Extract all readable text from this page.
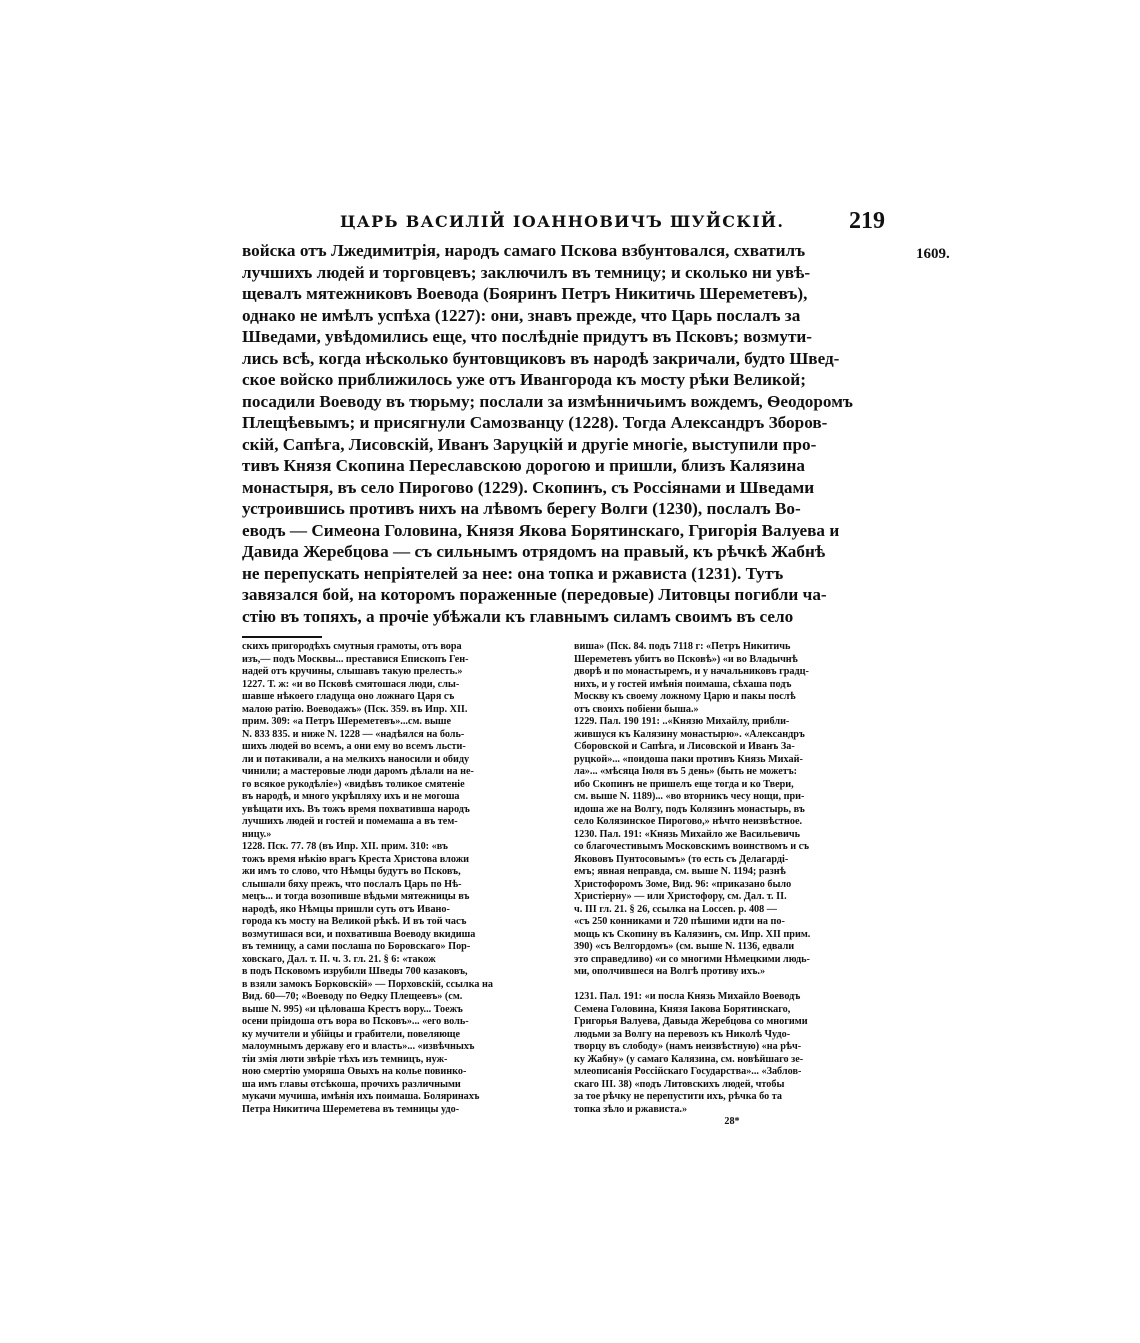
ЦАРЬ ВАСИЛІЙ ІОАННОВИЧЪ ШУЙСКІЙ.	219
1609.
войска отъ Лжедимитрія, народъ самаго Пскова взбунтовался, схватилъ
лучшихъ людей и торговцевъ; заключилъ въ темницу; и сколько ни увѣ-
щевалъ мятежниковъ Воевода (Бояринъ Петръ Никитичь Шереметевъ),
однако не имѣлъ успѣха (1227): они, знавъ прежде, что Царь послалъ за
Шведами, увѣдомились еще, что послѣдніе придутъ въ Псковъ; возмути-
лись всѣ, когда нѣсколько бунтовщиковъ въ народѣ закричали, будто Швед-
ское войско приближилось уже отъ Ивангорода къ мосту рѣки Великой;
посадили Воеводу въ тюрьму; послали за измѣнничьимъ вождемъ, Ѳеодоромъ
Плещѣевымъ; и присягнули Самозванцу (1228). Тогда Александръ Зборов-
скій, Сапѣга, Лисовскій, Иванъ Заруцкій и другіе многіе, выступили про-
тивъ Князя Скопина Переславскою дорогою и пришли, близъ Калязина
монастыря, въ село Пирогово (1229). Скопинъ, съ Россіянами и Шведами
устроившись противъ нихъ на лѣвомъ берегу Волги (1230), послалъ Во-
еводъ — Симеона Головина, Князя Якова Борятинскаго, Григорія Валуева и
Давида Жеребцова — съ сильнымъ отрядомъ на правый, къ рѣчкѣ Жабнѣ
не перепускать непріятелей за нее: она топка и ржависта (1231). Тутъ
завязался бой, на которомъ пораженные (передовые) Литовцы погибли ча-
стію въ топяхъ, а прочіе убѣжали къ главнымъ силамъ своимъ въ село
скихъ пригородѣхъ смутныя грамоты, отъ вора
изъ,— подъ Москвы... преставися Епископъ Ген-
надей отъ кручины, слышавъ такую прелесть.»
1227. Т. ж: «и во Псковѣ смятошася люди, слы-
шавше нѣкоего гладуща оно ложнаго Царя съ
малою ратію. Воеводажъ» (Пск. 359. въ Ипр. XII.
прим. 309: «а Петръ Шереметевъ»...см. выше
N. 833 835. и ниже N. 1228 — «надѣялся на боль-
шихъ людей во всемъ, а они ему во всемъ льсти-
ли и потакивали, а на мелкихъ наносили и обиду
чинили; а мастеровые люди даромъ дѣлали на не-
го всякое рукодѣліе») «видѣвъ толикое смятеніе
въ народѣ, и много укрѣпляху ихъ и не могоша
увѣщати ихъ. Въ тожъ время похвативша народъ
лучшихъ людей и гостей и помемаша а въ тем-
ницу.»
1228. Пск. 77. 78 (въ Ипр. XII. прим. 310: «въ
тожъ время нѣкію врагъ Креста Христова вложи
жи имъ то слово, что Нѣмцы будутъ во Псковъ,
слышали бяху прежъ, что послалъ Царь по Нѣ-
мецъ... и тогда возопивше вѣдьми мятежницы въ
народѣ, яко Нѣмцы пришли суть отъ Ивано-
города къ мосту на Великой рѣкѣ. И въ той часъ
возмутишася вси, и похвативша Воеводу вкидиша
въ темницу, а сами послаша по Боровскаго» Пор-
ховскаго, Дал. т. II. ч. 3. гл. 21. § 6: «також
в подъ Псковомъ изрубили Шведы 700 казаковъ,
в взяли замокъ Борковскій» — Порховскій, ссылка на
Вид. 60—70; «Воеводу по Ѳедку Плещеевъ» (см.
выше N. 995) «и цѣловаша Крестъ вору... Тоежъ
осени пріидоша отъ вора во Псковъ»... «его воль-
ку мучители и убійцы и грабители, повеляюще
малоумнымъ державу его и власть»... «извѣчныхъ
тіи змія люти звѣріе тѣхъ изъ темницъ, нуж-
ною смертію уморяша Овыхъ на колье повинко-
ша имъ главы отсѣкоша, прочихъ различными
мукачи мучиша, имѣнія ихъ поимаша. Боляринахъ
Петра Никитича Шереметева въ темницы удо-
виша» (Пск. 84. подъ 7118 г: «Петръ Никитичь
Шереметевъ убитъ во Псковѣ») «и во Владычнѣ
дворѣ и по монастыремъ, и у начальниковъ градц-
нихъ, и у гостей имѣнія поимаша, сѣхаша подъ
Москву къ своему ложному Царю и пакы послѣ
отъ своихъ побіени быша.»
1229. Пал. 190 191: ..«Князю Михайлу, прибли-
жившуся къ Калязину монастырю». «Александръ
Сборовской и Сапѣга, и Лисовской и Иванъ За-
руцкой»... «поидоша паки противъ Князь Михай-
ла»... «мѣсяца Іюля въ 5 день» (быть не можетъ:
ибо Скопинъ не пришелъ еще тогда и ко Твери,
см. выше N. 1189)... «во вторникъ чесу нощи, при-
идоша же на Волгу, подъ Колязинъ монастырь, въ
село Колязинское Пирогово,» нѣчто неизвѣстное.
1230. Пал. 191: «Князь Михайло же Васильевичь
со благочестивымъ Московскимъ воинствомъ и съ
Якововъ Пунтосовымъ» (то есть съ Делагарді-
емъ; явная неправда, см. выше N. 1194; разнѣ
Христофоромъ Зоме, Вид. 96: «приказано было
Христіерну» — или Христофору, см. Дал. т. II.
ч. III гл. 21. § 26, ссылка на Loccen. p. 408 —
«съ 250 конниками и 720 пѣшими идти на по-
мощь къ Скопину въ Калязинъ, см. Ипр. XII прим.
390) «съ Велгордомъ» (см. выше N. 1136, едвали
это справедливо) «и со многими Нѣмецкими людь-
ми, ополчившеся на Волгѣ противу ихъ.»

1231. Пал. 191: «и посла Князь Михайло Воеводъ
Семена Головина, Князя Іакова Борятинскаго,
Григорья Валуева, Давыда Жеребцова со многими
людьми за Волгу на перевозъ къ Николѣ Чудо-
творцу въ слободу» (намъ неизвѣстную) «на рѣч-
ку Жабну» (у самаго Калязина, см. новѣйшаго зе-
млеописанія Россійскаго Государства»... «Заблов-
скаго III. 38) «подъ Литовскихъ людей, чтобы
за тое рѣчку не перепустити ихъ, рѣчка бо та
топка зѣло и ржависта.»
28*
